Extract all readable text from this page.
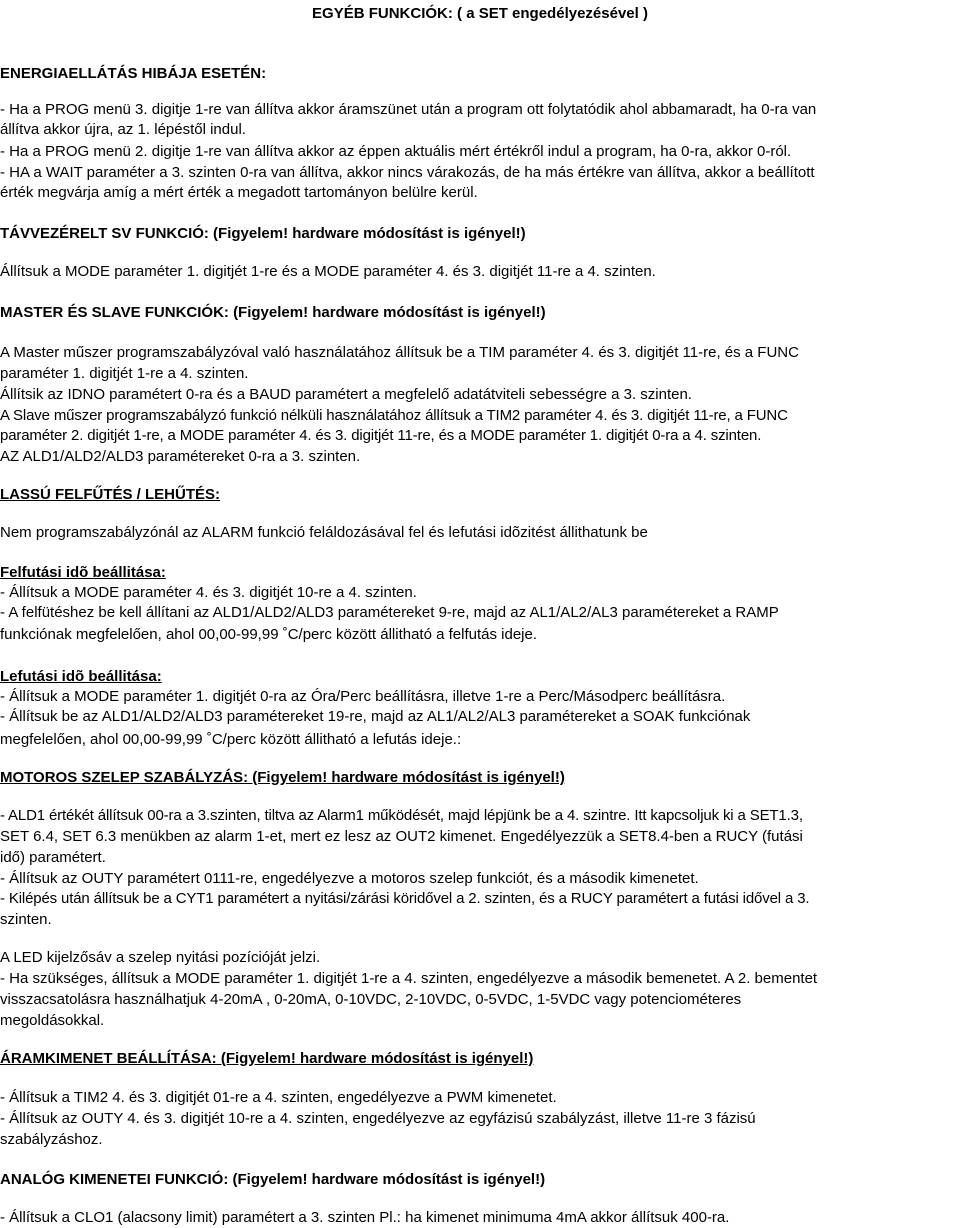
EGYÉB FUNKCIÓK: ( a SET engedélyezésével )
ENERGIAELLÁTÁS HIBÁJA ESETÉN:
- Ha a PROG menü 3. digitje 1-re van állítva akkor áramszünet után a program ott folytatódik ahol abbamaradt, ha 0-ra van
állítva akkor újra, az 1. lépéstől indul.
- Ha a PROG menü 2. digitje 1-re van állítva akkor az éppen aktuális mért értékről indul a program, ha 0-ra, akkor 0-ról.
- HA a WAIT paraméter a 3. szinten 0-ra van állítva, akkor nincs várakozás, de ha más értékre van állítva, akkor a beállított
érték megvárja amíg a mért érték a megadott tartományon belülre kerül.
TÁVVEZÉRELT SV FUNKCIÓ: (Figyelem! hardware módosítást is igényel!)
Állítsuk a MODE paraméter 1. digitjét 1-re és a MODE paraméter 4. és 3. digitjét 11-re a 4. szinten.
MASTER ÉS SLAVE FUNKCIÓK: (Figyelem! hardware módosítást is igényel!)
A Master műszer programszabályzóval való használatához állítsuk be a TIM paraméter 4. és 3. digitjét 11-re, és a FUNC
paraméter 1. digitjét 1-re a 4. szinten.
Állítsik az IDNO paramétert 0-ra és a BAUD paramétert a megfelelő adatátviteli sebességre a 3. szinten.
A Slave műszer programszabályzó funkció nélküli használatához állítsuk a TIM2 paraméter 4. és 3. digitjét 11-re, a FUNC
paraméter 2. digitjét 1-re, a MODE paraméter 4. és 3. digitjét 11-re, és a MODE paraméter 1. digitjét 0-ra a 4. szinten.
AZ ALD1/ALD2/ALD3 paramétereket 0-ra a 3. szinten.
LASSÚ FELFŰTÉS / LEHŰTÉS:
Nem programszabályzónál az ALARM funkció feláldozásával fel és lefutási idõzitést állithatunk be
Felfutási idõ beállitása:
- Állítsuk a MODE paraméter 4. és 3. digitjét 10-re a 4. szinten.
- A felfütéshez be kell állítani az ALD1/ALD2/ALD3 paramétereket 9-re, majd az AL1/AL2/AL3 paramétereket a RAMP
funkciónak megfelelően, ahol 00,00-99,99 ˚C/perc között állitható a felfutás ideje.
Lefutási idõ beállitása:
- Állítsuk a MODE paraméter 1. digitjét 0-ra az Óra/Perc beállításra, illetve 1-re a Perc/Másodperc beállításra.
- Állítsuk be az ALD1/ALD2/ALD3 paramétereket 19-re, majd az AL1/AL2/AL3 paramétereket a SOAK funkciónak
megfelelően, ahol 00,00-99,99 ˚C/perc között állitható a lefutás ideje.:
MOTOROS SZELEP SZABÁLYZÁS: (Figyelem! hardware módosítást is igényel!)
- ALD1 értékét állítsuk 00-ra a 3.szinten, tiltva az Alarm1 működését, majd lépjünk be a 4. szintre. Itt kapcsoljuk ki a SET1.3,
SET 6.4, SET 6.3 menükben az alarm 1-et, mert ez lesz az OUT2 kimenet. Engedélyezzük a SET8.4-ben a RUCY (futási
idő) paramétert.
- Állítsuk az OUTY paramétert 0111-re, engedélyezve a motoros szelep funkciót, és a második kimenetet.
- Kilépés után állítsuk be a CYT1 paramétert a nyitási/zárási köridővel a 2. szinten, és a RUCY paramétert a futási idővel a 3.
szinten.
A LED kijelzősáv a szelep nyitási pozícióját jelzi.
- Ha szükséges, állítsuk a MODE paraméter 1. digitjét 1-re a 4. szinten, engedélyezve a második bemenetet. A 2. bementet
visszacsatolásra használhatjuk 4-20mA , 0-20mA, 0-10VDC, 2-10VDC, 0-5VDC, 1-5VDC vagy potenciométeres
megoldásokkal.
ÁRAMKIMENET BEÁLLÍTÁSA: (Figyelem! hardware módosítást is igényel!)
- Állítsuk a TIM2 4. és 3. digitjét 01-re a 4. szinten, engedélyezve a PWM kimenetet.
- Állítsuk az OUTY 4. és 3. digitjét 10-re a 4. szinten, engedélyezve az egyfázisú szabályzást, illetve 11-re 3 fázisú
szabályzáshoz.
ANALÓG KIMENETEI FUNKCIÓ: (Figyelem! hardware módosítást is igényel!)
- Állítsuk a CLO1 (alacsony limit) paramétert a 3. szinten Pl.: ha kimenet minimuma 4mA akkor állítsuk 400-ra.
